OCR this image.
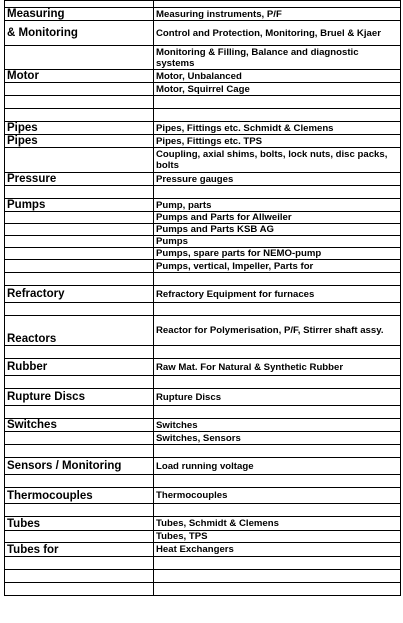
Measuring	Measuring instruments, P/F
& Monitoring	Control and Protection, Monitoring, Bruel & Kjaer
	Monitoring & Filling, Balance and diagnostic systems
Motor	Motor, Unbalanced
	Motor, Squirrel Cage

Pipes	Pipes, Fittings etc. Schmidt & Clemens
Pipes	Pipes, Fittings etc. TPS
	Coupling, axial shims, bolts, lock nuts, disc packs, bolts
Pressure	Pressure gauges

Pumps	Pump, parts
	Pumps and Parts for Allweiler
	Pumps and Parts KSB AG
	Pumps
	Pumps, spare parts for NEMO-pump
	Pumps, vertical, Impeller, Parts for

Refractory	Refractory Equipment for furnaces

Reactors	Reactor for Polymerisation, P/F, Stirrer shaft assy.

Rubber	Raw Mat. For Natural & Synthetic Rubber

Rupture Discs	Rupture Discs

Switches	Switches
	Switches, Sensors

Sensors / Monitoring	Load running voltage

Thermocouples	Thermocouples

Tubes	Tubes, Schmidt & Clemens
	Tubes, TPS
Tubes for	Heat Exchangers
